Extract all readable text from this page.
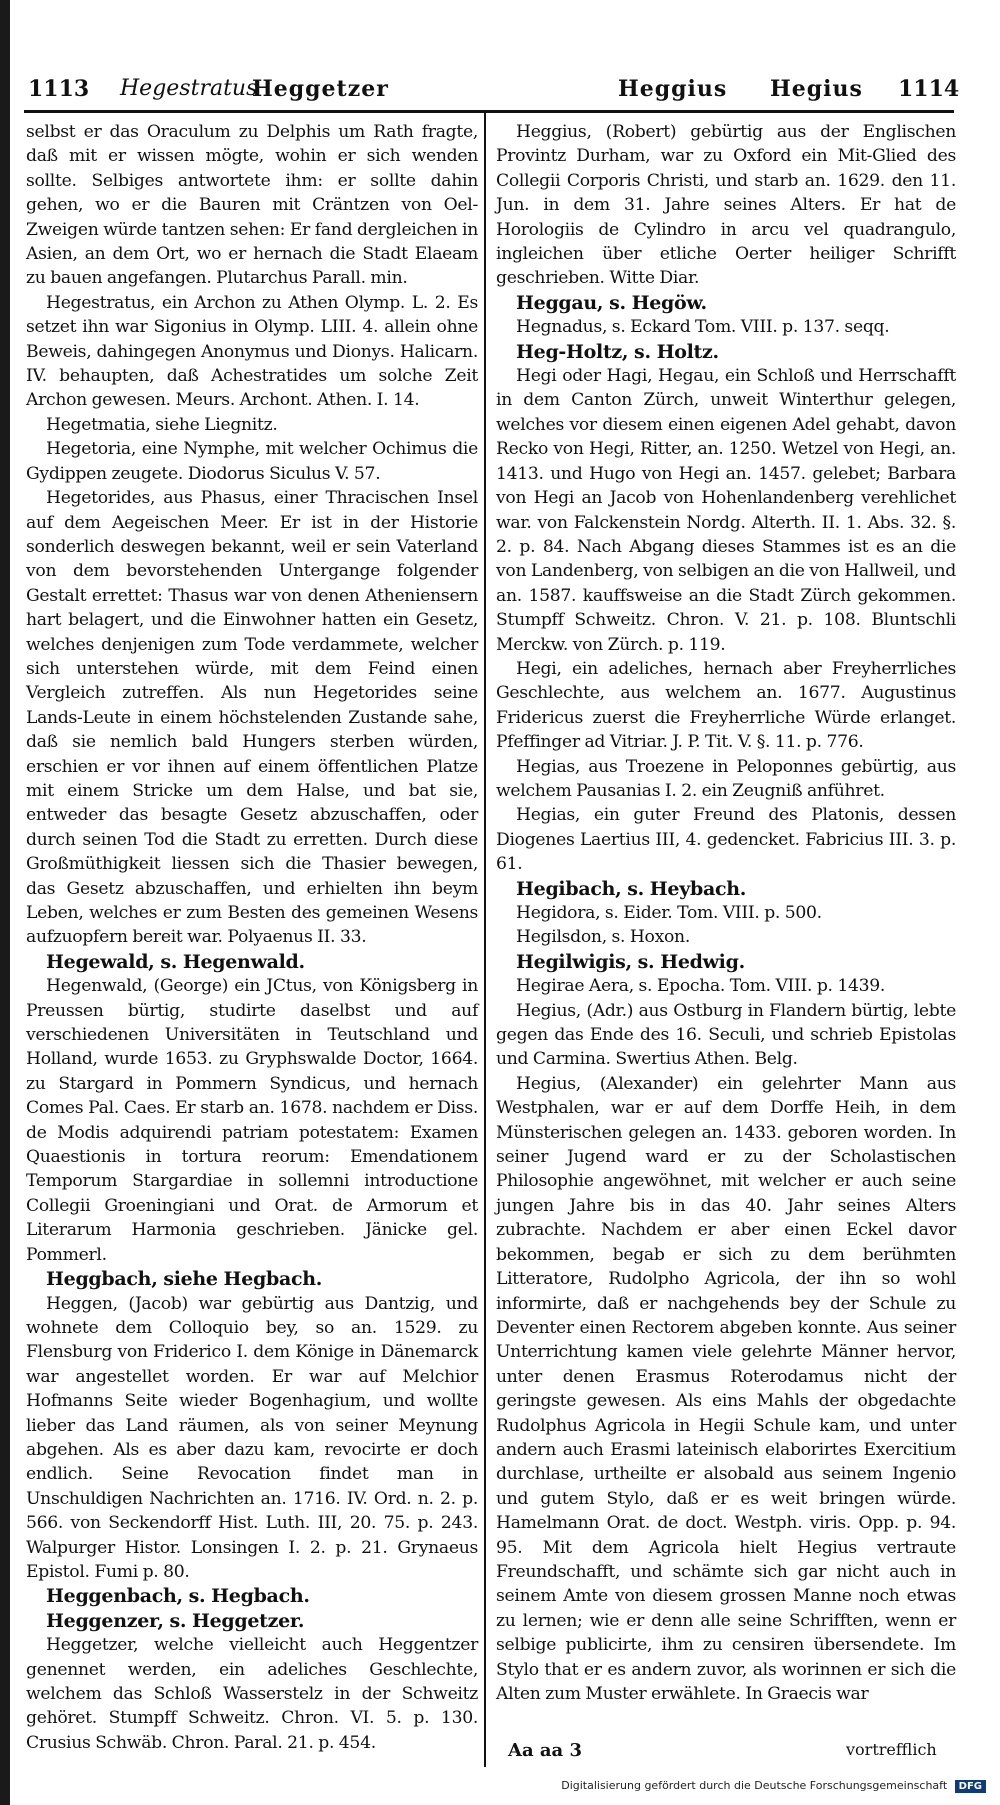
1113 Hegestratus
Heggetzer	Heggius Hegius 1114

selbst er das Oraculum zu Delphis um Rath fragte, daß mit er wissen mögte, wohin er sich wenden sollte. Selbiges antwortete ihm: er sollte dahin gehen, wo er die Bauren mit Cräntzen von Oel-Zweigen würde tantzen sehen: Er fand dergleichen in Asien, an dem Ort, wo er hernach die Stadt Elaeam zu bauen angefangen. Plutarchus Parall. min.

Hegestratus, ein Archon zu Athen Olymp. L. 2. Es setzet ihn war Sigonius in Olymp. LIII. 4. allein ohne Beweis, dahingegen Anonymus und Dionys. Halicarn. IV. behaupten, daß Achestratides um solche Zeit Archon gewesen. Meurs. Archont. Athen. I. 14.

Hegetmatia, siehe Liegnitz.

Hegetoria, eine Nymphe, mit welcher Ochimus die Gydippen zeugete. Diodorus Siculus V. 57.

Hegetorides, aus Phasus, einer Thracischen Insel auf dem Aegeischen Meer. Er ist in der Historie sonderlich deswegen bekannt, weil er sein Vaterland von dem bevorstehenden Untergange folgender Gestalt errettet: Thasus war von denen Atheniensern hart belagert, und die Einwohner hatten ein Gesetz, welches denjenigen zum Tode verdammete, welcher sich unterstehen würde, mit dem Feind einen Vergleich zutreffen. Als nun Hegetorides seine Lands-Leute in einem höchstelenden Zustande sahe, daß sie nemlich bald Hungers sterben würden, erschien er vor ihnen auf einem öffentlichen Platze mit einem Stricke um dem Halse, und bat sie, entweder das besagte Gesetz abzuschaffen, oder durch seinen Tod die Stadt zu erretten. Durch diese Großmüthigkeit liessen sich die Thasier bewegen, das Gesetz abzuschaffen, und erhielten ihn beym Leben, welches er zum Besten des gemeinen Wesens aufzuopfern bereit war. Polyaenus II. 33.

Hegewald, s. Hegenwald.

Hegenwald, (George) ein JCtus, von Königsberg in Preussen bürtig, studirte daselbst und auf verschiedenen Universitäten in Teutschland und Holland, wurde 1653. zu Gryphswalde Doctor, 1664. zu Stargard in Pommern Syndicus, und hernach Comes Pal. Caes. Er starb an. 1678. nachdem er Diss. de Modis adquirendi patriam potestatem: Examen Quaestionis in tortura reorum: Emendationem Temporum Stargardiae in sollemni introductione Collegii Groeningiani und Orat. de Armorum et Literarum Harmonia geschrieben. Jänicke gel. Pommerl.

Heggbach, siehe Hegbach.

Heggen, (Jacob) war gebürtig aus Dantzig, und wohnete dem Colloquio bey, so an. 1529. zu Flensburg von Friderico I. dem Könige in Dänemarck war angestellet worden. Er war auf Melchior Hofmanns Seite wieder Bogenhagium, und wollte lieber das Land räumen, als von seiner Meynung abgehen. Als es aber dazu kam, revocirte er doch endlich. Seine Revocation findet man in Unschuldigen Nachrichten an. 1716. IV. Ord. n. 2. p. 566. von Seckendorff Hist. Luth. III, 20. 75. p. 243. Walpurger Histor. Lonsingen I. 2. p. 21. Grynaeus Epistol. Fumi p. 80.

Heggenbach, s. Hegbach.

Heggenzer, s. Heggetzer.

Heggetzer, welche vielleicht auch Heggentzer genennet werden, ein adeliches Geschlechte, welchem das Schloß Wasserstelz in der Schweitz gehöret. Stumpff Schweitz. Chron. VI. 5. p. 130. Crusius Schwäb. Chron. Paral. 21. p. 454.

Heggius, (Robert) gebürtig aus der Englischen Provintz Durham, war zu Oxford ein Mit-Glied des Collegii Corporis Christi, und starb an. 1629. den 11. Jun. in dem 31. Jahre seines Alters. Er hat de Horologiis de Cylindro in arcu vel quadrangulo, ingleichen über etliche Oerter heiliger Schrifft geschrieben. Witte Diar.

Heggau, s. Hegöw.

Hegnadus, s. Eckard Tom. VIII. p. 137. seqq.

Heg-Holtz, s. Holtz.

Hegi oder Hagi, Hegau, ein Schloß und Herrschafft in dem Canton Zürch, unweit Winterthur gelegen, welches vor diesem einen eigenen Adel gehabt, davon Recko von Hegi, Ritter, an. 1250. Wetzel von Hegi, an. 1413. und Hugo von Hegi an. 1457. gelebet; Barbara von Hegi an Jacob von Hohenlandenberg verehlichet war. von Falckenstein Nordg. Alterth. II. 1. Abs. 32. §. 2. p. 84. Nach Abgang dieses Stammes ist es an die von Landenberg, von selbigen an die von Hallweil, und an. 1587. kauffsweise an die Stadt Zürch gekommen. Stumpff Schweitz. Chron. V. 21. p. 108. Bluntschli Merckw. von Zürch. p. 119.

Hegi, ein adeliches, hernach aber Freyherrliches Geschlechte, aus welchem an. 1677. Augustinus Fridericus zuerst die Freyherrliche Würde erlanget. Pfeffinger ad Vitriar. J. P. Tit. V. §. 11. p. 776.

Hegias, aus Troezene in Peloponnes gebürtig, aus welchem Pausanias I. 2. ein Zeugniß anführet.

Hegias, ein guter Freund des Platonis, dessen Diogenes Laertius III, 4. gedencket. Fabricius III. 3. p. 61.

Hegibach, s. Heybach.

Hegidora, s. Eider. Tom. VIII. p. 500.

Hegilsdon, s. Hoxon.

Hegilwigis, s. Hedwig.

Hegirae Aera, s. Epocha. Tom. VIII. p. 1439.

Hegius, (Adr.) aus Ostburg in Flandern bürtig, lebte gegen das Ende des 16. Seculi, und schrieb Epistolas und Carmina. Swertius Athen. Belg.

Hegius, (Alexander) ein gelehrter Mann aus Westphalen, war er auf dem Dorffe Heih, in dem Münsterischen gelegen an. 1433. geboren worden. In seiner Jugend ward er zu der Scholastischen Philosophie angewöhnet, mit welcher er auch seine jungen Jahre bis in das 40. Jahr seines Alters zubrachte. Nachdem er aber einen Eckel davor bekommen, begab er sich zu dem berühmten Litteratore, Rudolpho Agricola, der ihn so wohl informirte, daß er nachgehends bey der Schule zu Deventer einen Rectorem abgeben konnte. Aus seiner Unterrichtung kamen viele gelehrte Männer hervor, unter denen Erasmus Roterodamus nicht der geringste gewesen. Als eins Mahls der obgedachte Rudolphus Agricola in Hegii Schule kam, und unter andern auch Erasmi lateinisch elaborirtes Exercitium durchlase, urtheilte er alsobald aus seinem Ingenio und gutem Stylo, daß er es weit bringen würde. Hamelmann Orat. de doct. Westph. viris. Opp. p. 94. 95. Mit dem Agricola hielt Hegius vertraute Freundschafft, und schämte sich gar nicht auch in seinem Amte von diesem grossen Manne noch etwas zu lernen; wie er denn alle seine Schrifften, wenn er selbige publicirte, ihm zu censiren übersendete. Im Stylo that er es andern zuvor, als worinnen er sich die Alten zum Muster erwählete. In Graecis war

Aa aa 3	vortrefflich
Digitalisierung gefördert durch die Deutsche Forschungsgemeinschaft DFG
